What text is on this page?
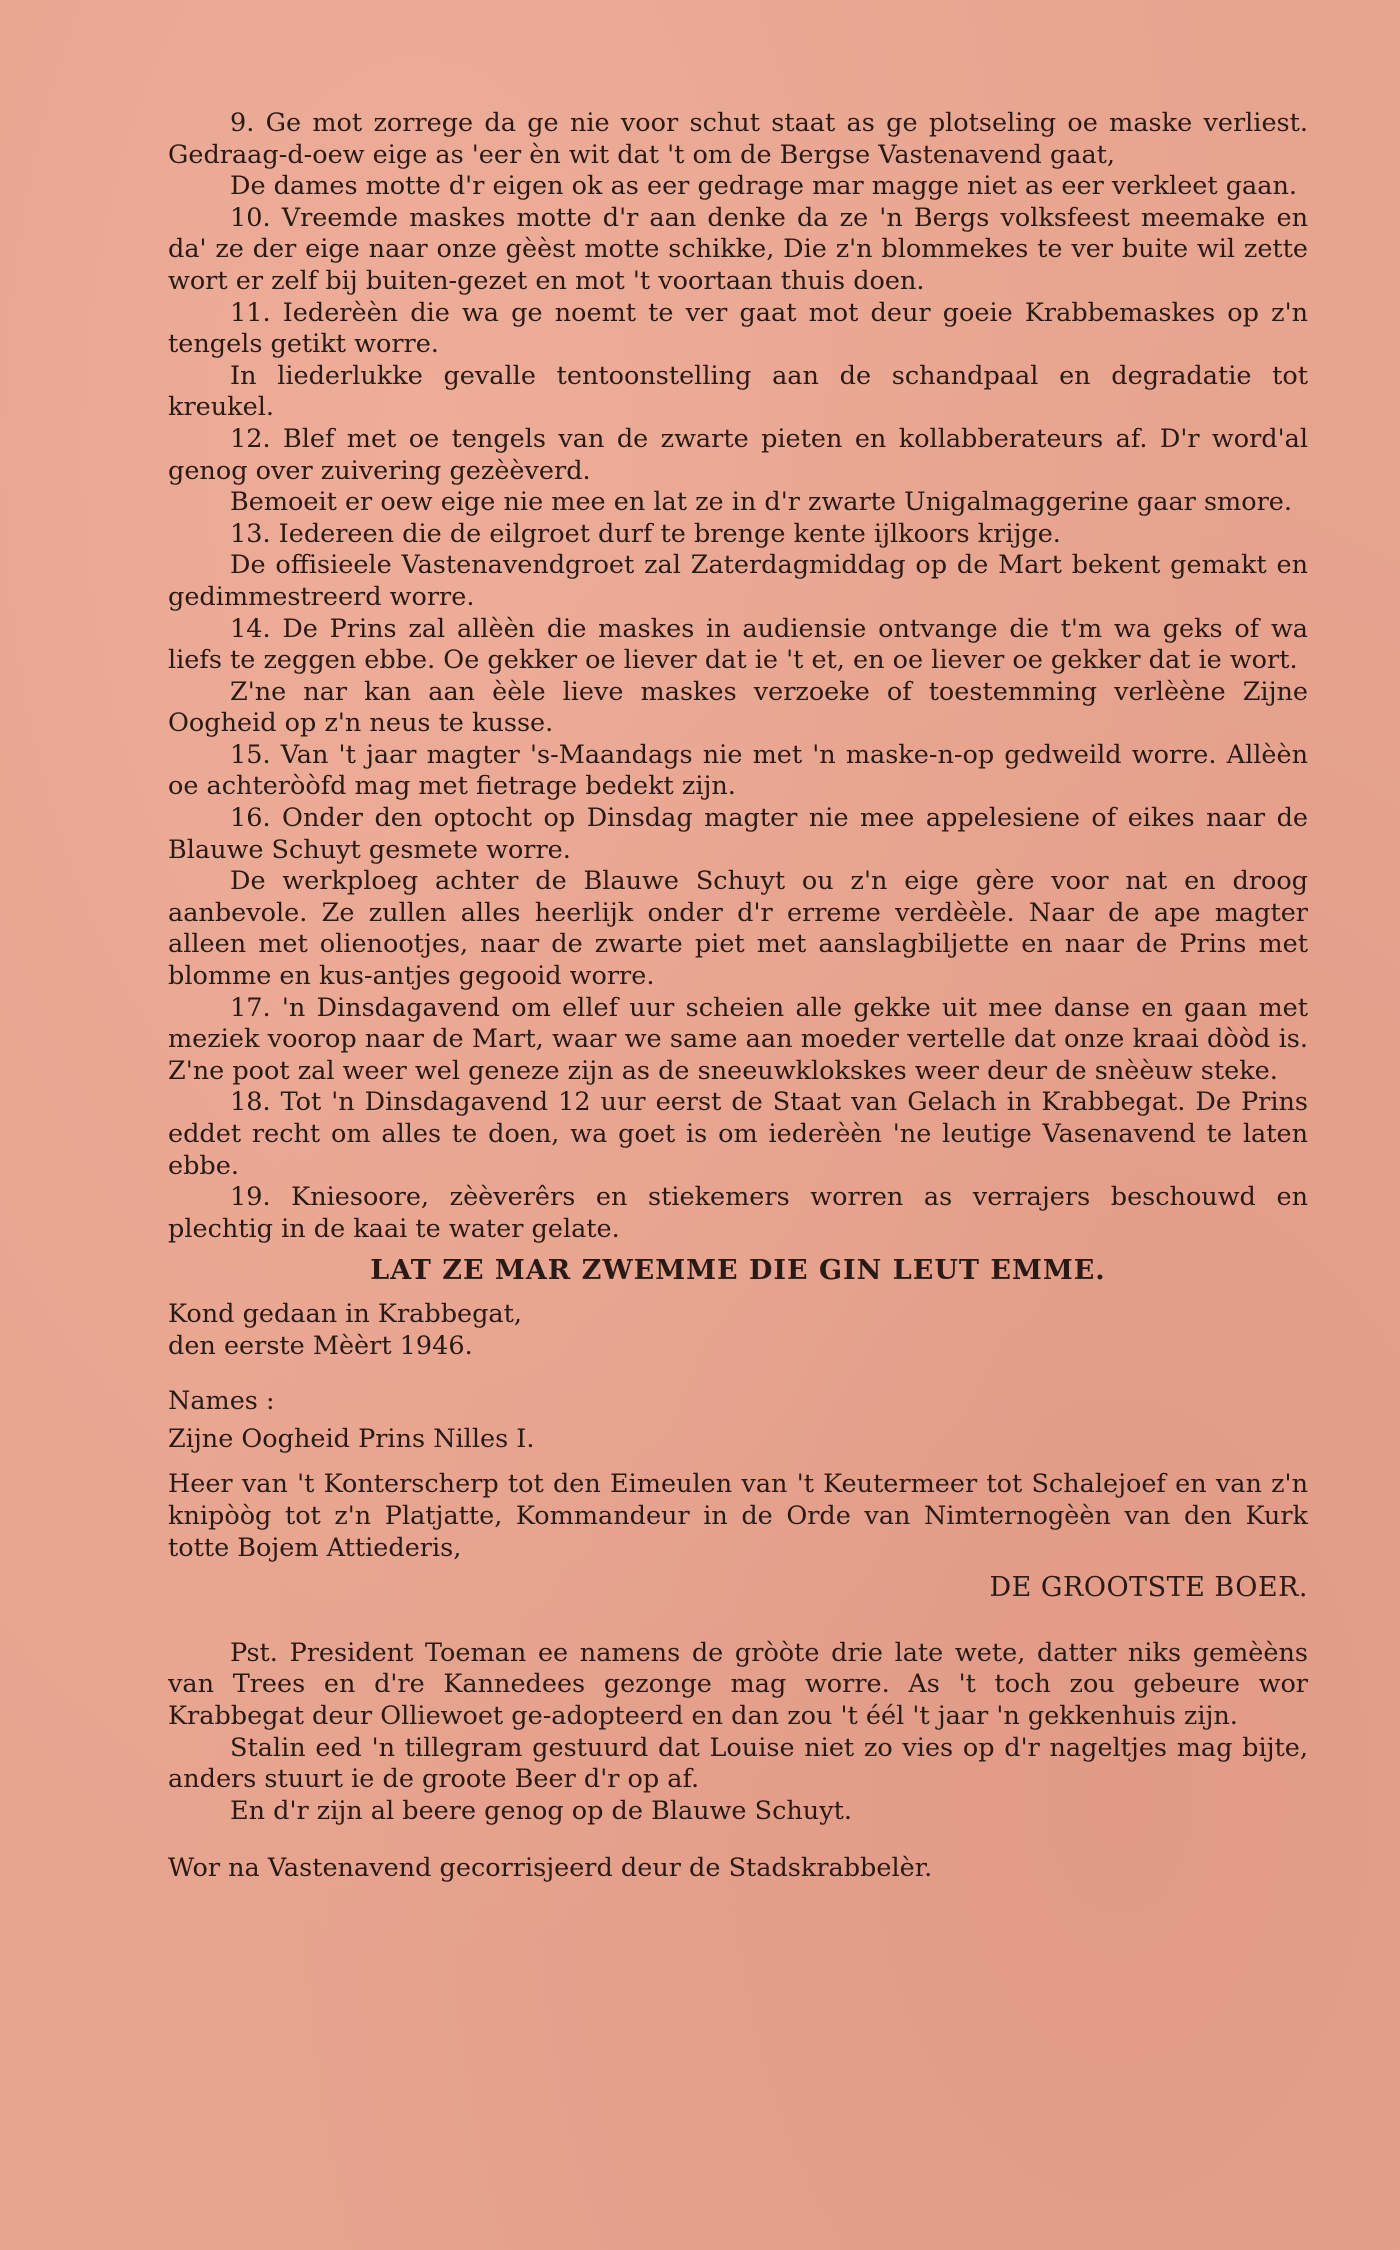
9. Ge mot zorrege da ge nie voor schut staat as ge plotseling oe maske verliest. Gedraag-d-oew eige as 'eer èn wit dat 't om de Bergse Vastenavend gaat,

De dames motte d'r eigen ok as eer gedrage mar magge niet as eer verkleet gaan.

10. Vreemde maskes motte d'r aan denke da ze 'n Bergs volksfeest meemake en da' ze der eige naar onze gèèst motte schikke, Die z'n blommekes te ver buite wil zette wort er zelf bij buiten-gezet en mot 't voortaan thuis doen.

11. Iederèèn die wa ge noemt te ver gaat mot deur goeie Krabbemaskes op z'n tengels getikt worre.

In liederlukke gevalle tentoonstelling aan de schandpaal en degradatie tot kreukel.

12. Blef met oe tengels van de zwarte pieten en kollabberateurs af. D'r word'al genog over zuivering gezèèverd.

Bemoeit er oew eige nie mee en lat ze in d'r zwarte Unigalmaggerine gaar smore.

13. Iedereen die de eilgroet durf te brenge kente ijlkoors krijge.

De offisieele Vastenavendgroet zal Zaterdagmiddag op de Mart bekent gemakt en gedimmestreerd worre.

14. De Prins zal allèèn die maskes in audiensie ontvange die t'm wa geks of wa liefs te zeggen ebbe. Oe gekker oe liever dat ie 't et, en oe liever oe gekker dat ie wort.

Z'ne nar kan aan èèle lieve maskes verzoeke of toestemming verlèène Zijne Oogheid op z'n neus te kusse.

15. Van 't jaar magter 's-Maandags nie met 'n maske-n-op gedweild worre. Allèèn oe achteròòfd mag met fietrage bedekt zijn.

16. Onder den optocht op Dinsdag magter nie mee appelesiene of eikes naar de Blauwe Schuyt gesmete worre.

De werkploeg achter de Blauwe Schuyt ou z'n eige gère voor nat en droog aanbevole. Ze zullen alles heerlijk onder d'r erreme verdèèle. Naar de ape magter alleen met olienootjes, naar de zwarte piet met aanslagbiljette en naar de Prins met blomme en kus-antjes gegooid worre.

17. 'n Dinsdagavend om ellef uur scheien alle gekke uit mee danse en gaan met meziek voorop naar de Mart, waar we same aan moeder vertelle dat onze kraai dòòd is. Z'ne poot zal weer wel geneze zijn as de sneeuwklokskes weer deur de snèèuw steke.

18. Tot 'n Dinsdagavend 12 uur eerst de Staat van Gelach in Krabbegat. De Prins eddet recht om alles te doen, wa goet is om iederèèn 'ne leutige Vasenavend te laten ebbe.

19. Kniesoore, zèèverêrs en stiekemers worren as verrajers beschouwd en plechtig in de kaai te water gelate.

LAT ZE MAR ZWEMME DIE GIN LEUT EMME.

Kond gedaan in Krabbegat,

den eerste Mèèrt 1946.

Names :

Zijne Oogheid Prins Nilles I.

Heer van 't Konterscherp tot den Eimeulen van 't Keutermeer tot Schalejoef en van z'n knipòòg tot z'n Platjatte, Kommandeur in de Orde van Nimternogèèn van den Kurk totte Bojem Attiederis,

DE GROOTSTE BOER.

Pst. President Toeman ee namens de gròòte drie late wete, datter niks gemèèns van Trees en d're Kannedees gezonge mag worre. As 't toch zou gebeure wor Krabbegat deur Olliewoet ge-adopteerd en dan zou 't éél 't jaar 'n gekkenhuis zijn.

Stalin eed 'n tillegram gestuurd dat Louise niet zo vies op d'r nageltjes mag bijte, anders stuurt ie de groote Beer d'r op af.

En d'r zijn al beere genog op de Blauwe Schuyt.

Wor na Vastenavend gecorrisjeerd deur de Stadskrabbelèr.
